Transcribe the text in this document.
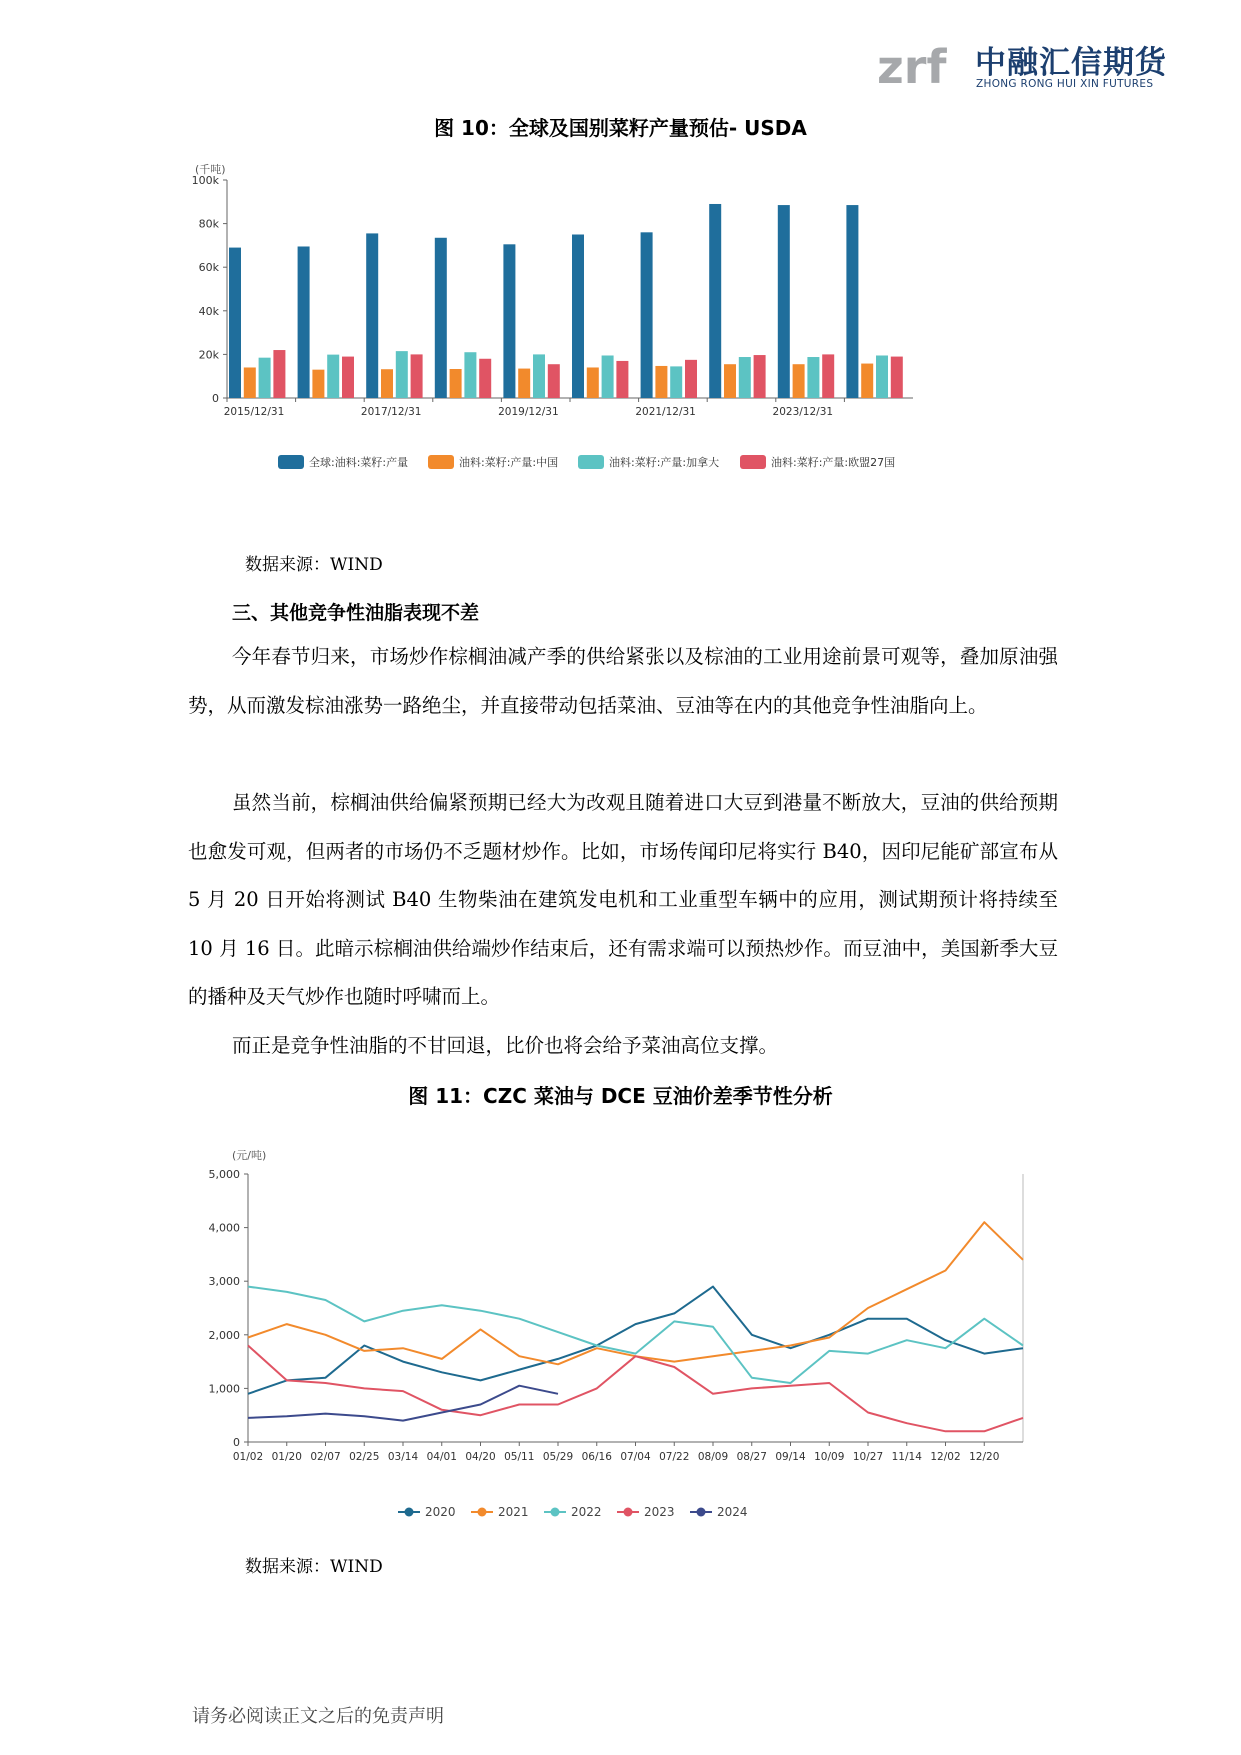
zrf 中融汇信期货
ZHONG RONG HUI XIN FUTURES
图 10：全球及国别菜籽产量预估- USDA
(千吨)
0
20k
40k
60k
80k
100k
2015/12/31	2017/12/31	2019/12/31	2021/12/31	2023/12/31
全球:油料:菜籽:产量	油料:菜籽:产量:中国	油料:菜籽:产量:加拿大	油料:菜籽:产量:欧盟27国
数据来源：WIND
三、其他竞争性油脂表现不差

今年春节归来，市场炒作棕榈油减产季的供给紧张以及棕油的工业用途前景可观等，叠加原油强势，从而激发棕油涨势一路绝尘，并直接带动包括菜油、豆油等在内的其他竞争性油脂向上。

虽然当前，棕榈油供给偏紧预期已经大为改观且随着进口大豆到港量不断放大，豆油的供给预期也愈发可观，但两者的市场仍不乏题材炒作。比如，市场传闻印尼将实行 B40，因印尼能矿部宣布从 5 月 20 日开始将测试 B40 生物柴油在建筑发电机和工业重型车辆中的应用，测试期预计将持续至 10 月 16 日。此暗示棕榈油供给端炒作结束后，还有需求端可以预热炒作。而豆油中，美国新季大豆的播种及天气炒作也随时呼啸而上。

而正是竞争性油脂的不甘回退，比价也将会给予菜油高位支撑。

图 11：CZC 菜油与 DCE 豆油价差季节性分析
(元/吨)
0
1,000
2,000
3,000
4,000
5,000
01/02 01/20 02/07 02/25 03/14 04/01 04/20 05/11 05/29 06/16 07/04 07/22 08/09 08/27 09/14 10/09 10/27 11/14 12/02 12/20
2020	2021	2022	2023	2024
数据来源：WIND
请务必阅读正文之后的免责声明
